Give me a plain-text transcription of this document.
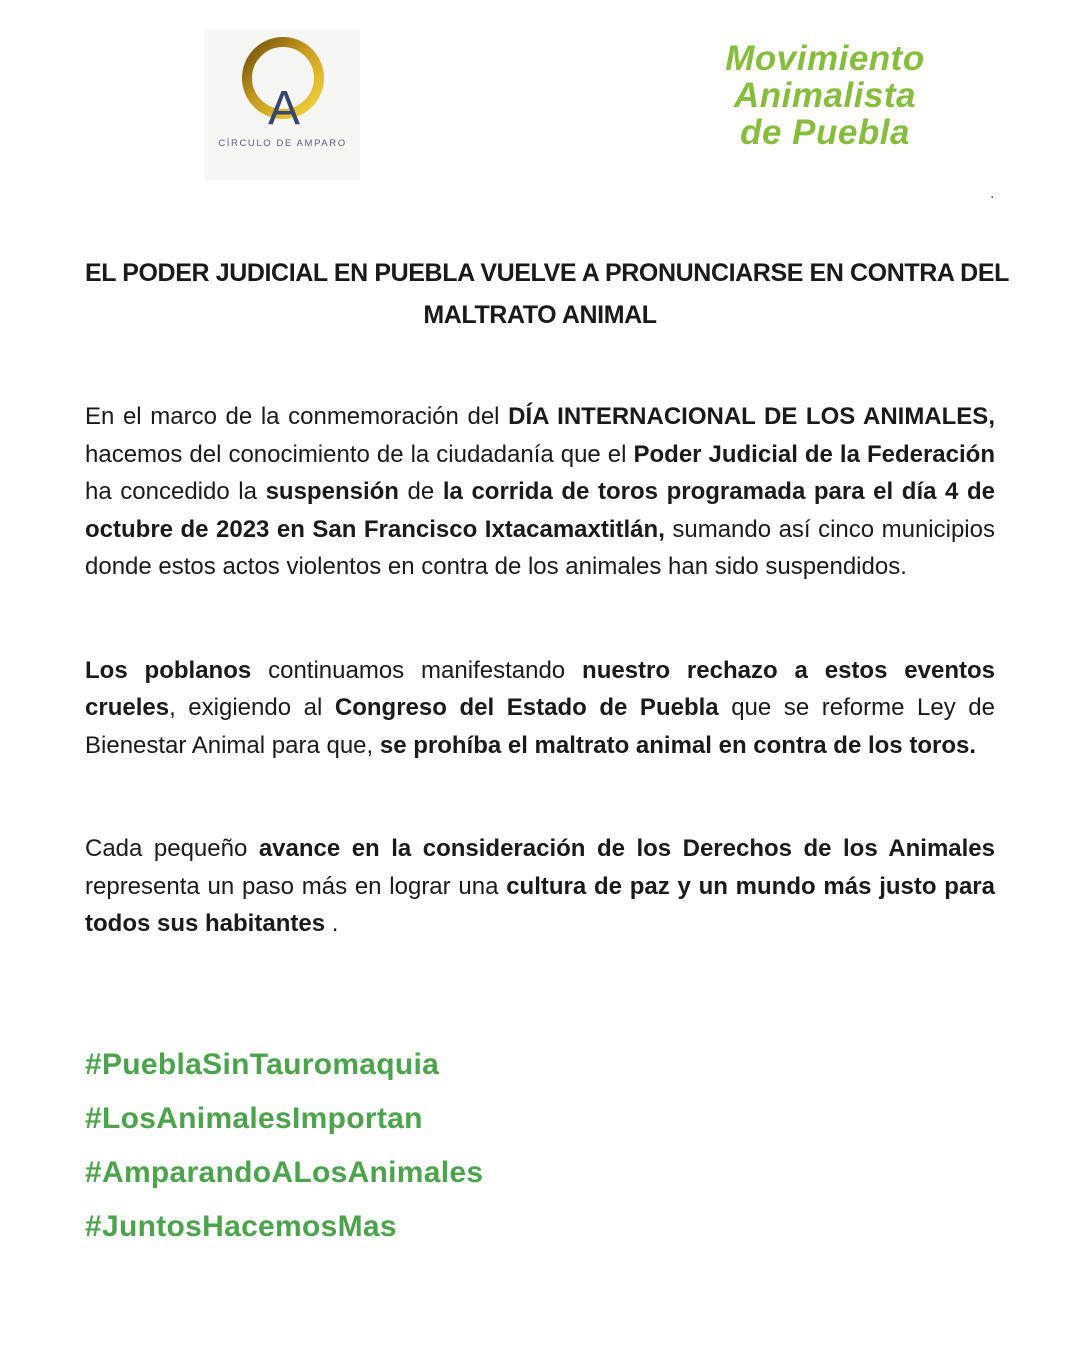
A
CÍRCULO DE AMPARO
Movimiento
Animalista
de Puebla
.
EL PODER JUDICIAL EN PUEBLA VUELVE A PRONUNCIARSE EN CONTRA DEL
MALTRATO ANIMAL

En el marco de la conmemoración del DÍA INTERNACIONAL DE LOS ANIMALES, hacemos del conocimiento de la ciudadanía que el Poder Judicial de la Federación ha concedido la suspensión de la corrida de toros programada para el día 4 de octubre de 2023 en San Francisco Ixtacamaxtitlán, sumando así cinco municipios donde estos actos violentos en contra de los animales han sido suspendidos.

Los poblanos continuamos manifestando nuestro rechazo a estos eventos crueles, exigiendo al Congreso del Estado de Puebla que se reforme Ley de Bienestar Animal para que, se prohíba el maltrato animal en contra de los toros.

Cada pequeño avance en la consideración de los Derechos de los Animales representa un paso más en lograr una cultura de paz y un mundo más justo para todos sus habitantes .

#PueblaSinTauromaquia
#LosAnimalesImportan
#AmparandoALosAnimales
#JuntosHacemosMas
